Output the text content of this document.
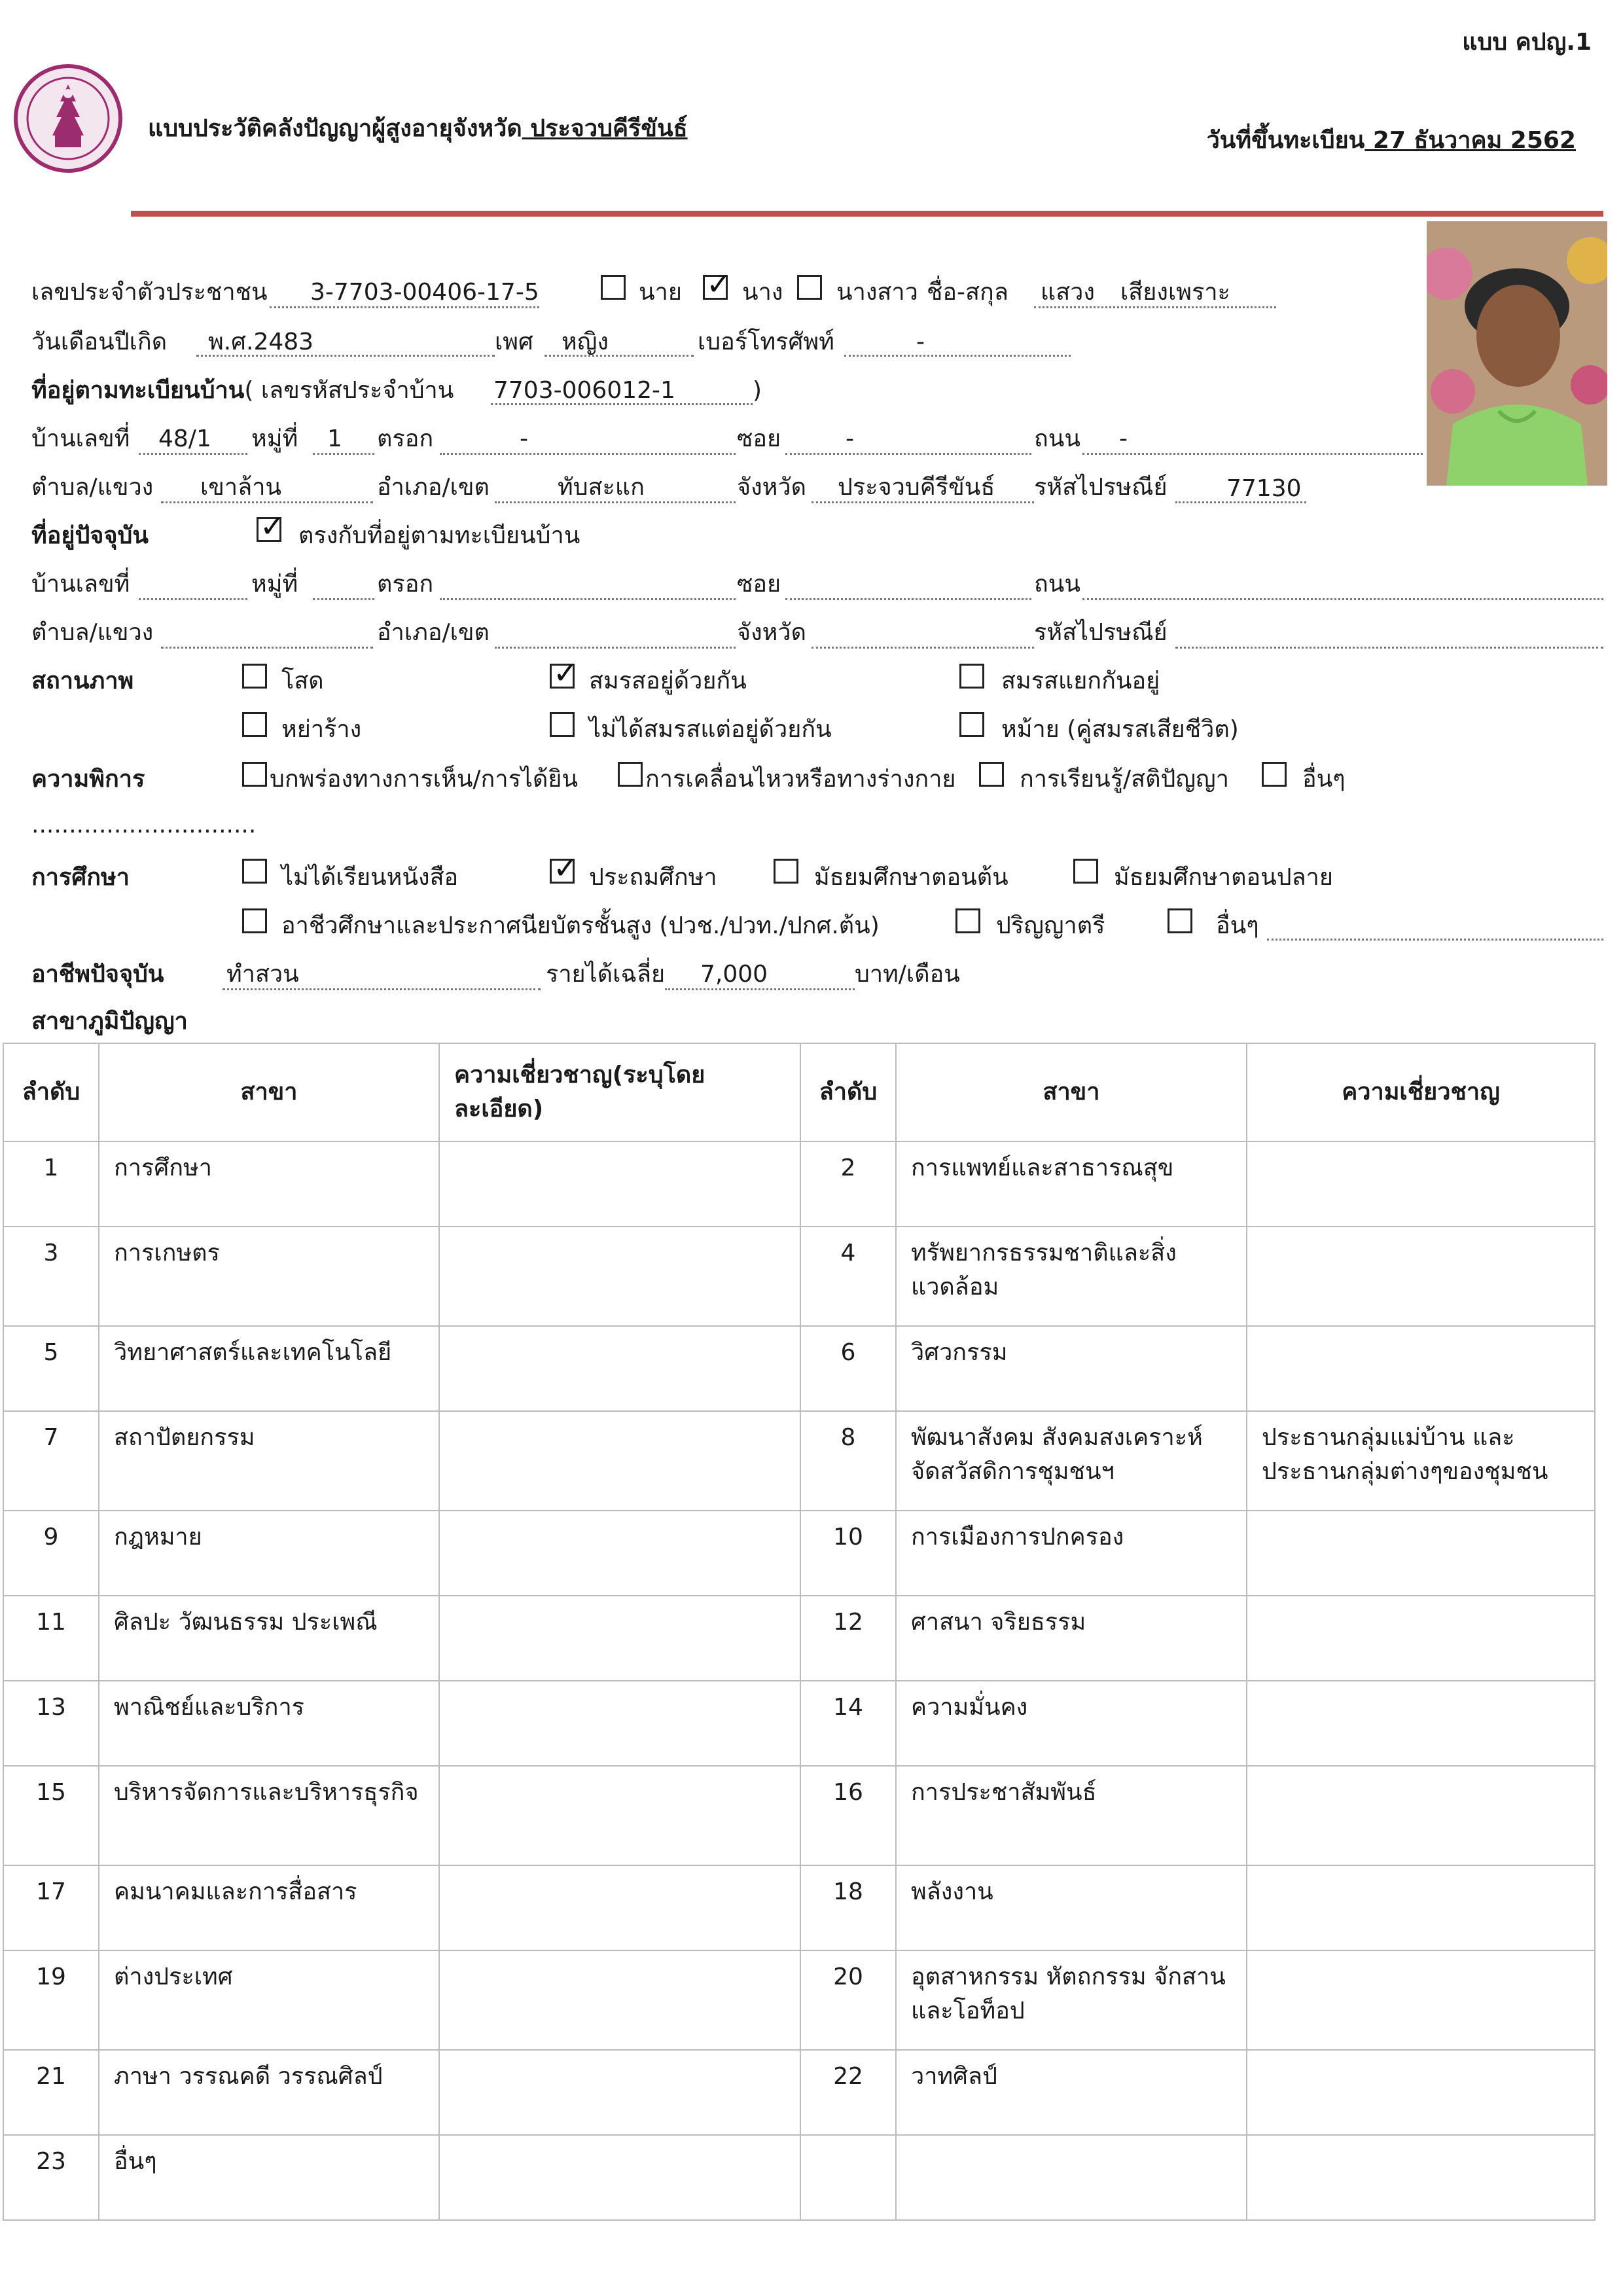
แบบ คปญ.1
แบบประวัติคลังปัญญาผู้สูงอายุจังหวัด ประจวบคีรีขันธ์	วันที่ขึ้นทะเบียน 27 ธันวาคม 2562
เลขประจำตัวประชาชน 3-7703-00406-17-5	นาย ✓ นาง นางสาว ชื่อ-สกุล แสวง เสียงเพราะ
วันเดือนปีเกิด พ.ศ.2483	เพศ หญิง	เบอร์โทรศัพท์	-
ที่อยู่ตามทะเบียนบ้าน( เลขรหัสประจำบ้าน 7703-006012-1	)
บ้านเลขที่ 48/1 หมู่ที่ 1 ตรอก	-	ซอย	-	ถนน -
ตำบล/แขวง เขาล้าน	อำเภอ/เขต	ทับสะแก	จังหวัด ประจวบคีรีขันธ์ รหัสไปรษณีย์	77130
ที่อยู่ปัจจุบัน	✓ ตรงกับที่อยู่ตามทะเบียนบ้าน
บ้านเลขที่	หมู่ที่	ตรอก	ซอย	ถนน
ตำบล/แขวง	อำเภอ/เขต	จังหวัด	รหัสไปรษณีย์
สถานภาพ	โสด	✓ สมรสอยู่ด้วยกัน	สมรสแยกกันอยู่
หย่าร้าง	ไม่ได้สมรสแต่อยู่ด้วยกัน	หม้าย (คู่สมรสเสียชีวิต)
ความพิการ	บกพร่องทางการเห็น/การได้ยิน	การเคลื่อนไหวหรือทางร่างกาย	การเรียนรู้/สติปัญญา	อื่นๆ
..............................
การศึกษา	ไม่ได้เรียนหนังสือ	✓ ประถมศึกษา	มัธยมศึกษาตอนต้น	มัธยมศึกษาตอนปลาย
อาชีวศึกษาและประกาศนียบัตรชั้นสูง (ปวช./ปวท./ปกศ.ต้น)	ปริญญาตรี	อื่นๆ
อาชีพปัจจุบัน	ทำสวน	รายได้เฉลี่ย 7,000	บาท/เดือน
สาขาภูมิปัญญา
ลำดับ	สาขา	ความเชี่ยวชาญ(ระบุโดยละเอียด)	ลำดับ	สาขา	ความเชี่ยวชาญ
1	การศึกษา		2	การแพทย์และสาธารณสุข	
3	การเกษตร		4	ทรัพยากรธรรมชาติและสิ่งแวดล้อม	
5	วิทยาศาสตร์และเทคโนโลยี		6	วิศวกรรม	
7	สถาปัตยกรรม		8	พัฒนาสังคม สังคมสงเคราะห์ จัดสวัสดิการชุมชนฯ	ประธานกลุ่มแม่บ้าน และประธานกลุ่มต่างๆของชุมชน
9	กฎหมาย		10	การเมืองการปกครอง	
11	ศิลปะ วัฒนธรรม ประเพณี		12	ศาสนา จริยธรรม	
13	พาณิชย์และบริการ		14	ความมั่นคง	
15	บริหารจัดการและบริหารธุรกิจ		16	การประชาสัมพันธ์	
17	คมนาคมและการสื่อสาร		18	พลังงาน	
19	ต่างประเทศ		20	อุตสาหกรรม หัตถกรรม จักสานและโอท็อป	
21	ภาษา วรรณคดี วรรณศิลป์		22	วาทศิลป์	
23	อื่นๆ				
